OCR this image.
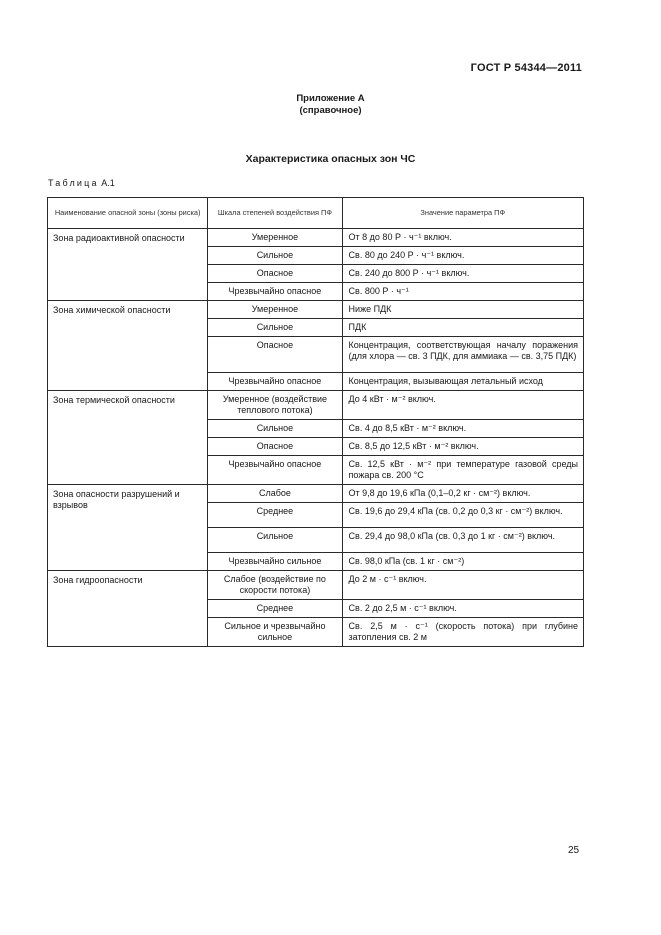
ГОСТ Р 54344—2011
Приложение А
(справочное)
Характеристика опасных зон ЧС
Таблица А.1
Наименование опасной зоны (зоны риска)	Шкала степеней воздействия ПФ	Значение параметра ПФ
Зона радиоактивной опасности	Умеренное	От 8 до 80 Р · ч⁻¹ включ.
	Сильное	Св. 80 до 240 Р · ч⁻¹ включ.
	Опасное	Св. 240 до 800 Р · ч⁻¹ включ.
	Чрезвычайно опасное	Св. 800 Р · ч⁻¹
Зона химической опасности	Умеренное	Ниже ПДК
	Сильное	ПДК
	Опасное	Концентрация, соответствующая началу поражения (для хлора — св. 3 ПДК, для аммиака — св. 3,75 ПДК)
	Чрезвычайно опасное	Концентрация, вызывающая летальный исход
Зона термической опасности	Умеренное (воздействие теплового потока)	До 4 кВт · м⁻² включ.
	Сильное	Св. 4 до 8,5 кВт · м⁻² включ.
	Опасное	Св. 8,5 до 12,5 кВт · м⁻² включ.
	Чрезвычайно опасное	Св. 12,5 кВт · м⁻² при температуре газовой среды пожара св. 200 °С
Зона опасности разрушений и взрывов	Слабое	От 9,8 до 19,6 кПа (0,1–0,2 кг · см⁻²) включ.
	Среднее	Св. 19,6 до 29,4 кПа (св. 0,2 до 0,3 кг · см⁻²) включ.
	Сильное	Св. 29,4 до 98,0 кПа (св. 0,3 до 1 кг · см⁻²) включ.
	Чрезвычайно сильное	Св. 98,0 кПа (св. 1 кг · см⁻²)
Зона гидроопасности	Слабое (воздействие по скорости потока)	До 2 м · с⁻¹ включ.
	Среднее	Св. 2 до 2,5 м · с⁻¹ включ.
	Сильное и чрезвычайно сильное	Св. 2,5 м · с⁻¹ (скорость потока) при глубине затопления св. 2 м
25
